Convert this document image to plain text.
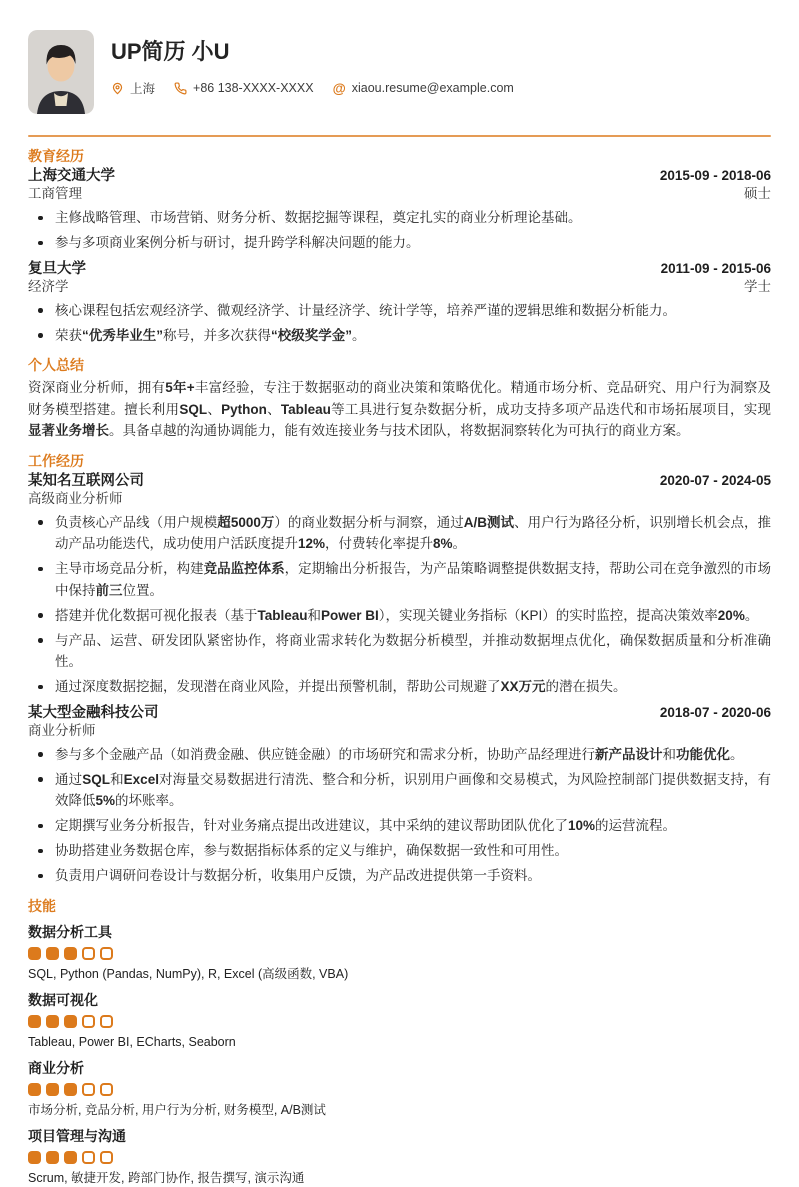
UP简历 小U
上海	+86 138-XXXX-XXXX @ xiaou.resume@example.com
教育经历
上海交通大学	2015-09 - 2018-06
工商管理	硕士
主修战略管理、市场营销、财务分析、数据挖掘等课程，奠定扎实的商业分析理论基础。
参与多项商业案例分析与研讨，提升跨学科解决问题的能力。
复旦大学	2011-09 - 2015-06
经济学	学士
核心课程包括宏观经济学、微观经济学、计量经济学、统计学等，培养严谨的逻辑思维和数据分析能力。
荣获“优秀毕业生”称号，并多次获得“校级奖学金”。
个人总结

资深商业分析师，拥有5年+丰富经验，专注于数据驱动的商业决策和策略优化。精通市场分析、竞品研究、用户行为洞察及财务模型搭建。擅长利用SQL、Python、Tableau等工具进行复杂数据分析，成功支持多项产品迭代和市场拓展项目，实现显著业务增长。具备卓越的沟通协调能力，能有效连接业务与技术团队，将数据洞察转化为可执行的商业方案。

工作经历
某知名互联网公司	2020-07 - 2024-05
高级商业分析师
负责核心产品线（用户规模超5000万）的商业数据分析与洞察，通过A/B测试、用户行为路径分析，识别增长机会点，推动产品功能迭代，成功使用户活跃度提升12%，付费转化率提升8%。
主导市场竞品分析，构建竞品监控体系，定期输出分析报告，为产品策略调整提供数据支持，帮助公司在竞争激烈的市场中保持前三位置。
搭建并优化数据可视化报表（基于Tableau和Power BI），实现关键业务指标（KPI）的实时监控，提高决策效率20%。
与产品、运营、研发团队紧密协作，将商业需求转化为数据分析模型，并推动数据埋点优化，确保数据质量和分析准确性。
通过深度数据挖掘，发现潜在商业风险，并提出预警机制，帮助公司规避了XX万元的潜在损失。
某大型金融科技公司	2018-07 - 2020-06
商业分析师
参与多个金融产品（如消费金融、供应链金融）的市场研究和需求分析，协助产品经理进行新产品设计和功能优化。
通过SQL和Excel对海量交易数据进行清洗、整合和分析，识别用户画像和交易模式，为风险控制部门提供数据支持，有效降低5%的坏账率。
定期撰写业务分析报告，针对业务痛点提出改进建议，其中采纳的建议帮助团队优化了10%的运营流程。
协助搭建业务数据仓库，参与数据指标体系的定义与维护，确保数据一致性和可用性。
负责用户调研问卷设计与数据分析，收集用户反馈，为产品改进提供第一手资料。
技能
数据分析工具
SQL, Python (Pandas, NumPy), R, Excel (高级函数, VBA)
数据可视化
Tableau, Power BI, ECharts, Seaborn
商业分析
市场分析, 竞品分析, 用户行为分析, 财务模型, A/B测试
项目管理与沟通
Scrum, 敏捷开发, 跨部门协作, 报告撰写, 演示沟通
